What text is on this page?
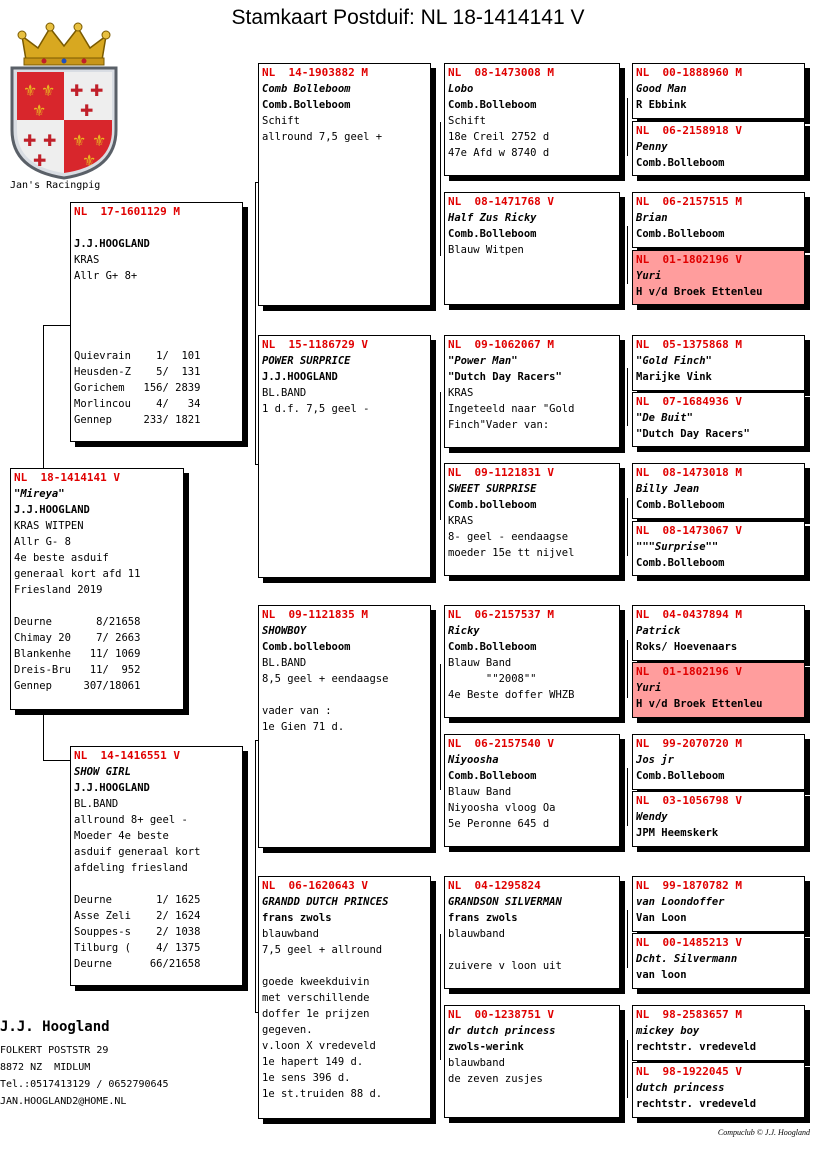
Stamkaart Postduif: NL 18-1414141 V
⚜ ⚜
⚜
⚜ ⚜
⚜
✚ ✚
✚
✚ ✚
✚
Jan's Racingpig
NL  18-1414141 V
"Mireya"
J.J.HOOGLAND
KRAS WITPEN
Allr G- 8
4e beste asduif
generaal kort afd 11
Friesland 2019
Deurne       8/21658
Chimay 20    7/ 2663
Blankenhe   11/ 1069
Dreis-Bru   11/  952
Gennep     307/18061
NL  17-1601129 M
J.J.HOOGLAND
KRAS
Allr G+ 8+
Quievrain    1/  101
Heusden-Z    5/  131
Gorichem   156/ 2839
Morlincou    4/   34
Gennep     233/ 1821
NL  14-1416551 V
SHOW GIRL
J.J.HOOGLAND
BL.BAND
allround 8+ geel -
Moeder 4e beste
asduif generaal kort
afdeling friesland
Deurne       1/ 1625
Asse Zeli    2/ 1624
Souppes-s    2/ 1038
Tilburg (    4/ 1375
Deurne      66/21658
NL  14-1903882 M
Comb Bolleboom
Comb.Bolleboom
Schift
allround 7,5 geel +
NL  15-1186729 V
POWER SURPRICE
J.J.HOOGLAND
BL.BAND
1 d.f. 7,5 geel -
NL  09-1121835 M
SHOWBOY
Comb.bolleboom
BL.BAND
8,5 geel + eendaagse
vader van :
1e Gien 71 d.
NL  06-1620643 V
GRANDD DUTCH PRINCES
frans zwols
blauwband
7,5 geel + allround
goede kweekduivin
met verschillende
doffer 1e prijzen
gegeven.
v.loon X vredeveld
1e hapert 149 d.
1e sens 396 d.
1e st.truiden 88 d.
NL  08-1473008 M
Lobo
Comb.Bolleboom
Schift
18e Creil 2752 d
47e Afd w 8740 d
NL  08-1471768 V
Half Zus Ricky
Comb.Bolleboom
Blauw Witpen
NL  09-1062067 M
"Power Man"
"Dutch Day Racers"
KRAS
Ingeteeld naar "Gold
Finch"Vader van:
NL  09-1121831 V
SWEET SURPRISE
Comb.bolleboom
KRAS
8- geel - eendaagse
moeder 15e tt nijvel
NL  06-2157537 M
Ricky
Comb.Bolleboom
Blauw Band
""2008""
4e Beste doffer WHZB
NL  06-2157540 V
Niyoosha
Comb.Bolleboom
Blauw Band
Niyoosha vloog Oa
5e Peronne 645 d
NL  04-1295824
GRANDSON SILVERMAN
frans zwols
blauwband
zuivere v loon uit
NL  00-1238751 V
dr dutch princess
zwols-werink
blauwband
de zeven zusjes
NL  00-1888960 M
Good Man
R Ebbink
NL  06-2158918 V
Penny
Comb.Bolleboom
NL  06-2157515 M
Brian
Comb.Bolleboom
NL  01-1802196 V
Yuri
H v/d Broek Ettenleu
NL  05-1375868 M
"Gold Finch"
Marijke Vink
NL  07-1684936 V
"De Buit"
"Dutch Day Racers"
NL  08-1473018 M
Billy Jean
Comb.Bolleboom
NL  08-1473067 V
"""Surprise""
Comb.Bolleboom
NL  04-0437894 M
Patrick
Roks/ Hoevenaars
NL  01-1802196 V
Yuri
H v/d Broek Ettenleu
NL  99-2070720 M
Jos jr
Comb.Bolleboom
NL  03-1056798 V
Wendy
JPM Heemskerk
NL  99-1870782 M
van Loondoffer
Van Loon
NL  00-1485213 V
Dcht. Silvermann
van loon
NL  98-2583657 M
mickey boy
rechtstr. vredeveld
NL  98-1922045 V
dutch princess
rechtstr. vredeveld
J.J. Hoogland
FOLKERT POSTSTR 29
8872 NZ  MIDLUM
Tel.:0517413129 / 0652790645
JAN.HOOGLAND2@HOME.NL
Compuclub © J.J. Hoogland
